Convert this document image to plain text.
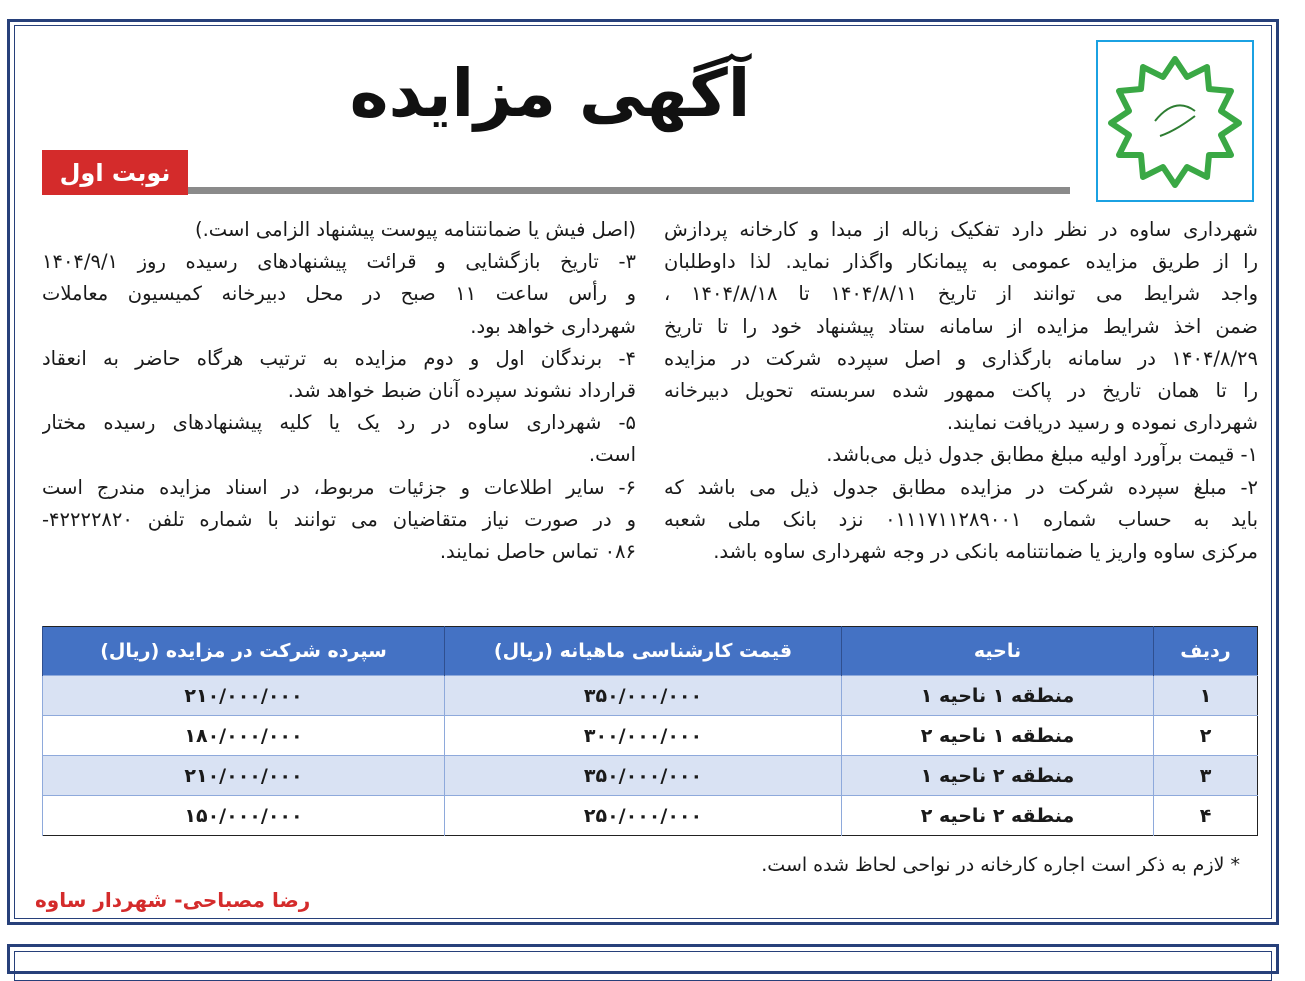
آگهی مزایده
نوبت اول
شهرداری ساوه در نظر دارد تفکیک زباله از مبدا و کارخانه پردازش
را از طریق مزایده عمومی به پیمانکار واگذار نماید. لذا داوطلبان
واجد شرایط می توانند از تاریخ ۱۴۰۴/۸/۱۱ تا ۱۴۰۴/۸/۱۸ ،
ضمن اخذ شرایط مزایده از سامانه ستاد پیشنهاد خود را تا تاریخ
۱۴۰۴/۸/۲۹ در سامانه بارگذاری و اصل سپرده شرکت در مزایده
را تا همان تاریخ در پاکت ممهور شده سربسته تحویل دبیرخانه
شهرداری نموده و رسید دریافت نمایند.
۱- قیمت برآورد اولیه مبلغ مطابق جدول ذیل می‌باشد.
۲- مبلغ سپرده شرکت در مزایده مطابق جدول ذیل می باشد که
باید به حساب شماره ۰۱۱۱۷۱۱۲۸۹۰۰۱ نزد بانک ملی شعبه
مرکزی ساوه واریز یا ضمانتنامه بانکی در وجه شهرداری ساوه باشد.
(اصل فیش یا ضمانتنامه پیوست پیشنهاد الزامی است.)
۳- تاریخ بازگشایی و قرائت پیشنهادهای رسیده روز ۱۴۰۴/۹/۱
و رأس ساعت ۱۱ صبح در محل دبیرخانه کمیسیون معاملات
شهرداری خواهد بود.
۴- برندگان اول و دوم مزایده به ترتیب هرگاه حاضر به انعقاد
قرارداد نشوند سپرده آنان ضبط خواهد شد.
۵- شهرداری ساوه در رد یک یا کلیه پیشنهادهای رسیده مختار
است.
۶- سایر اطلاعات و جزئیات مربوط، در اسناد مزایده مندرج است
و در صورت نیاز متقاضیان می توانند با شماره تلفن ۴۲۲۲۲۸۲۰-
۰۸۶ تماس حاصل نمایند.
ردیف	ناحیه	قیمت کارشناسی ماهیانه (ریال)	سپرده شرکت در مزایده (ریال)
۱	منطقه ۱ ناحیه ۱	۳۵۰/۰۰۰/۰۰۰	۲۱۰/۰۰۰/۰۰۰
۲	منطقه ۱ ناحیه ۲	۳۰۰/۰۰۰/۰۰۰	۱۸۰/۰۰۰/۰۰۰
۳	منطقه ۲ ناحیه ۱	۳۵۰/۰۰۰/۰۰۰	۲۱۰/۰۰۰/۰۰۰
۴	منطقه ۲ ناحیه ۲	۲۵۰/۰۰۰/۰۰۰	۱۵۰/۰۰۰/۰۰۰
* لازم به ذکر است اجاره کارخانه در نواحی لحاظ شده است.
رضا مصباحی- شهردار ساوه
